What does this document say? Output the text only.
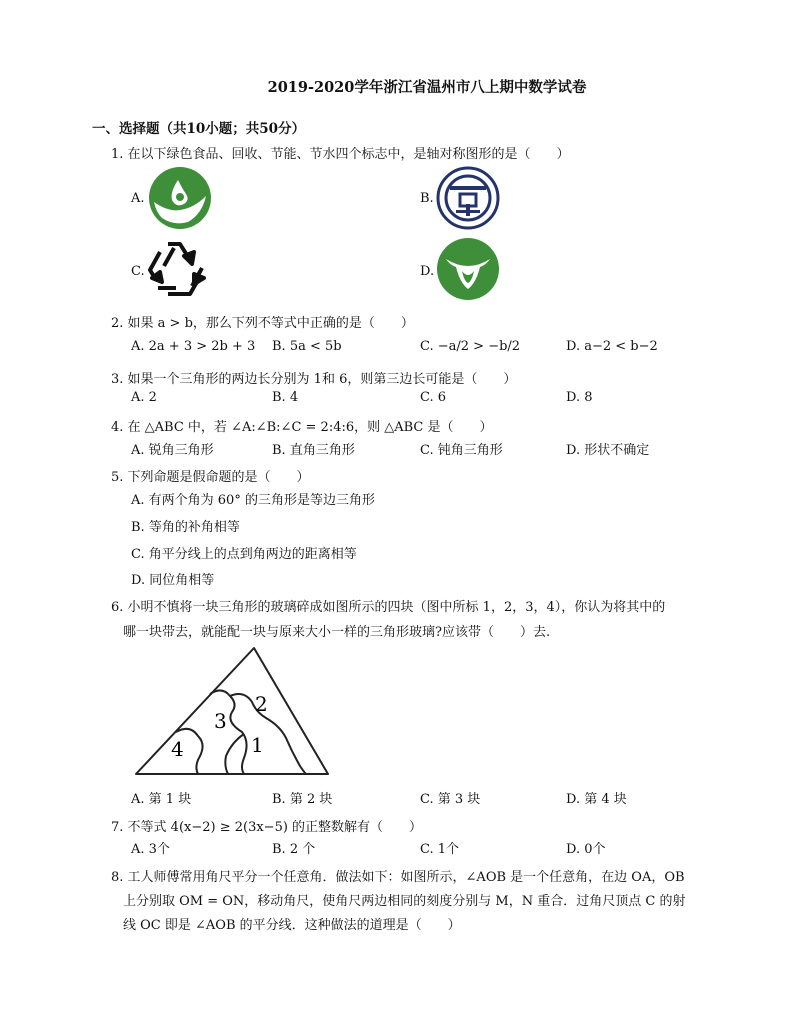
2019-2020学年浙江省温州市八上期中数学试卷
一、选择题（共10小题；共50分）
1. 在以下绿色食品、回收、节能、节水四个标志中，是轴对称图形的是（　　）
A.	B.
C.	D.
2. 如果 a > b，那么下列不等式中正确的是（　　）
A. 2a + 3 > 2b + 3 B. 5a < 5b	C. −a/2 > −b/2	D. a−2 < b−2
3. 如果一个三角形的两边长分别为 1和 6，则第三边长可能是（　　）
A. 2	B. 4	C. 6	D. 8
4. 在 △ABC 中，若 ∠A:∠B:∠C = 2:4:6，则 △ABC 是（　　）
A. 锐角三角形	B. 直角三角形	C. 钝角三角形	D. 形状不确定
5. 下列命题是假命题的是（　　）
A. 有两个角为 60° 的三角形是等边三角形
B. 等角的补角相等
C. 角平分线上的点到角两边的距离相等
D. 同位角相等
6. 小明不慎将一块三角形的玻璃碎成如图所示的四块（图中所标 1，2，3，4），你认为将其中的
哪一块带去，就能配一块与原来大小一样的三角形玻璃?应该带（　　）去.
1
2
3
4
A. 第 1 块	B. 第 2 块	C. 第 3 块	D. 第 4 块
7. 不等式 4(x−2) ≥ 2(3x−5) 的正整数解有（　　）
A. 3个	B. 2 个	C. 1个	D. 0个
8. 工人师傅常用角尺平分一个任意角．做法如下：如图所示，∠AOB 是一个任意角，在边 OA，OB
上分别取 OM = ON，移动角尺，使角尺两边相同的刻度分别与 M，N 重合．过角尺顶点 C 的射
线 OC 即是 ∠AOB 的平分线．这种做法的道理是（　　）
